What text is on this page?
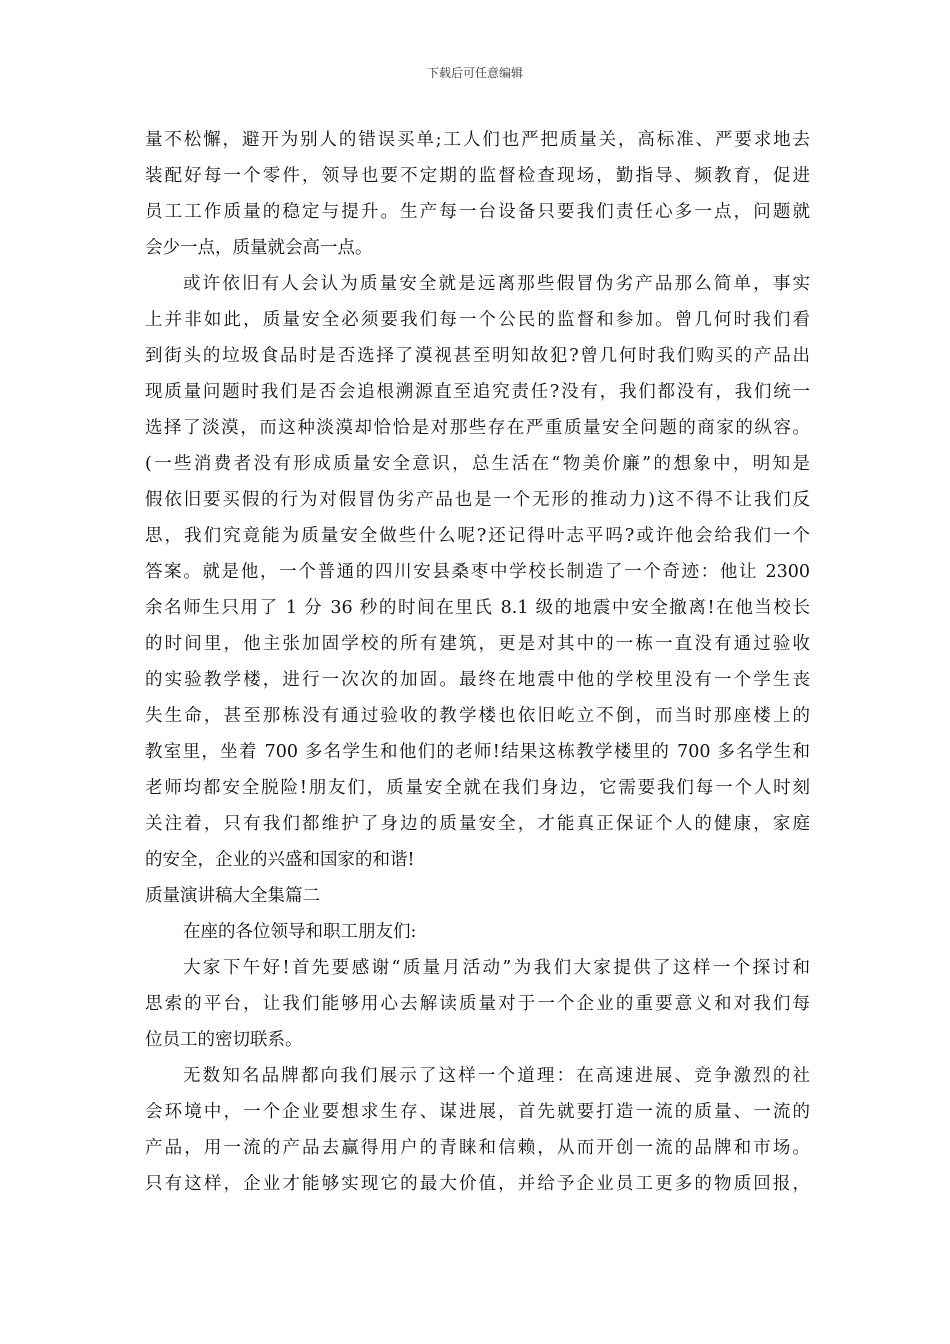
下载后可任意编辑
量不松懈，避开为别人的错误买单;工人们也严把质量关，高标准、严要求地去
装配好每一个零件，领导也要不定期的监督检查现场，勤指导、频教育，促进
员工工作质量的稳定与提升。生产每一台设备只要我们责任心多一点，问题就
会少一点，质量就会高一点。
或许依旧有人会认为质量安全就是远离那些假冒伪劣产品那么简单，事实
上并非如此，质量安全必须要我们每一个公民的监督和参加。曾几何时我们看
到街头的垃圾食品时是否选择了漠视甚至明知故犯?曾几何时我们购买的产品出
现质量问题时我们是否会追根溯源直至追究责任?没有，我们都没有，我们统一
选择了淡漠，而这种淡漠却恰恰是对那些存在严重质量安全问题的商家的纵容。
(一些消费者没有形成质量安全意识，总生活在“物美价廉”的想象中，明知是
假依旧要买假的行为对假冒伪劣产品也是一个无形的推动力)这不得不让我们反
思，我们究竟能为质量安全做些什么呢?还记得叶志平吗?或许他会给我们一个
答案。就是他，一个普通的四川安县桑枣中学校长制造了一个奇迹：他让 2300
余名师生只用了 1 分 36 秒的时间在里氏 8.1 级的地震中安全撤离!在他当校长
的时间里，他主张加固学校的所有建筑，更是对其中的一栋一直没有通过验收
的实验教学楼，进行一次次的加固。最终在地震中他的学校里没有一个学生丧
失生命，甚至那栋没有通过验收的教学楼也依旧屹立不倒，而当时那座楼上的
教室里，坐着 700 多名学生和他们的老师!结果这栋教学楼里的 700 多名学生和
老师均都安全脱险!朋友们，质量安全就在我们身边，它需要我们每一个人时刻
关注着，只有我们都维护了身边的质量安全，才能真正保证个人的健康，家庭
的安全，企业的兴盛和国家的和谐!
质量演讲稿大全集篇二
在座的各位领导和职工朋友们:
大家下午好!首先要感谢“质量月活动”为我们大家提供了这样一个探讨和
思索的平台，让我们能够用心去解读质量对于一个企业的重要意义和对我们每
位员工的密切联系。
无数知名品牌都向我们展示了这样一个道理：在高速进展、竞争激烈的社
会环境中，一个企业要想求生存、谋进展，首先就要打造一流的质量、一流的
产品，用一流的产品去赢得用户的青睐和信赖，从而开创一流的品牌和市场。
只有这样，企业才能够实现它的最大价值，并给予企业员工更多的物质回报，
